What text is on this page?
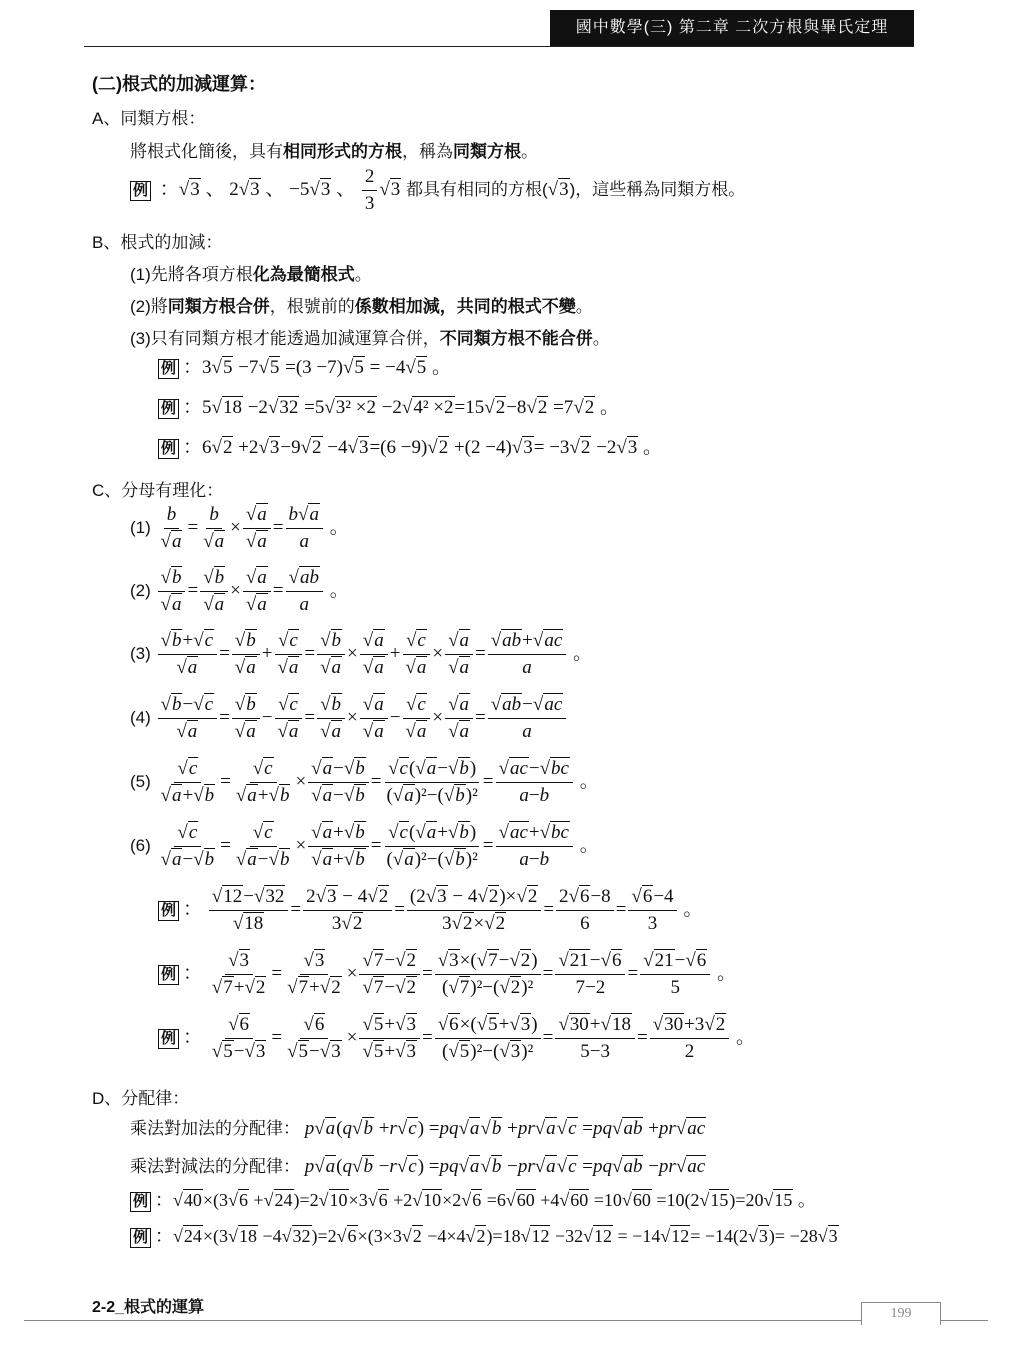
國中數學(三) 第二章 二次方根與畢氏定理
(二)根式的加減運算：
A、同類方根：
將根式化簡後，具有相同形式的方根，稱為同類方根。
例 ：√3 、 2√3 、 −5√3 、 $\frac{2}{3} √3$ 都具有相同的方根(√3)，這些稱為同類方根。
B、根式的加減：
(1)先將各項方根化為最簡根式。
(2)將同類方根合併，根號前的係數相加減，共同的根式不變。
(3)只有同類方根才能透過加減運算合併，不同類方根不能合併。
例 ：3√5 −7√5 =(3 −7)√5 = −4√5 。
例 ：5√18 −2√32 =5√3² ×2 −2√4² ×2=15√2−8√2 =7√2 。
例 ：6√2 +2√3−9√2 −4√3=(6 −9)√2 +(2 −4)√3= −3√2 −2√3 。
C、分母有理化：
$(1) \frac{b}{√a} = \frac{b}{√a} \times \frac{√a}{√a} = \frac{b√a}{a}$ 。
$(2) \frac{√b}{√a} = \frac{√b}{√a} \times \frac{√a}{√a} = \frac{√ab}{a}$ 。
$(3) \frac{√b+√c}{√a} = \frac{√b}{√a} + \frac{√c}{√a} = \frac{√b}{√a} \times \frac{√a}{√a} + \frac{√c}{√a} \times \frac{√a}{√a} = \frac{√ab+√ac}{a}$ 。
$(4) \frac{√b-√c}{√a} = \frac{√b}{√a} - \frac{√c}{√a} = \frac{√b}{√a} \times \frac{√a}{√a} - \frac{√c}{√a} \times \frac{√a}{√a} = \frac{√ab-√ac}{a}$
$(5) \frac{√c}{√a+√b} = \frac{√c}{√a+√b} \times \frac{√a-√b}{√a-√b} = \frac{√c(√a-√b)}{\text{(√a)²−(√b)²}} = \frac{√ac-√bc}{a-b}$ 。
$(6) \frac{√c}{√a-√b} = \frac{√c}{√a-√b} \times \frac{√a+√b}{√a+√b} = \frac{√c(√a+√b)}{\text{(√a)²−(√b)²}} = \frac{√ac+√bc}{a-b}$ 。
例 ： $\frac{√12-√32}{√18} = \frac{2√3 - 4√2}{3√2} = \frac{(2√3 - 4√2)\times√2}{3√2\times√2} = \frac{2√6-8}{6} = \frac{√6-4}{3}$ 。
例 ： $\frac{√3}{√7+√2} = \frac{√3}{√7+√2} \times \frac{√7-√2}{√7-√2} = \frac{√3\times(√7-√2)}{\text{(√7)²−(√2)²}} = \frac{√21-√6}{7-2} = \frac{√21-√6}{5}$ 。
例 ： $\frac{√6}{√5-√3} = \frac{√6}{√5-√3} \times \frac{√5+√3}{√5+√3} = \frac{√6\times(√5+√3)}{\text{(√5)²−(√3)²}} = \frac{√30+√18}{5-3} = \frac{√30+3√2}{2}$ 。
D、分配律：
乘法對加法的分配律： p√a(q√b +r√c) =pq√a√b +pr√a√c =pq√ab +pr√ac
乘法對減法的分配律： p√a(q√b −r√c) =pq√a√b −pr√a√c =pq√ab −pr√ac
例 ：√40×(3√6 +√24)=2√10×3√6 +2√10×2√6 =6√60 +4√60 =10√60 =10(2√15)=20√15 。
例 ：√24×(3√18 −4√32)=2√6×(3×3√2 −4×4√2)=18√12 −32√12 = −14√12= −14(2√3)= −28√3
2-2_根式的運算	199
